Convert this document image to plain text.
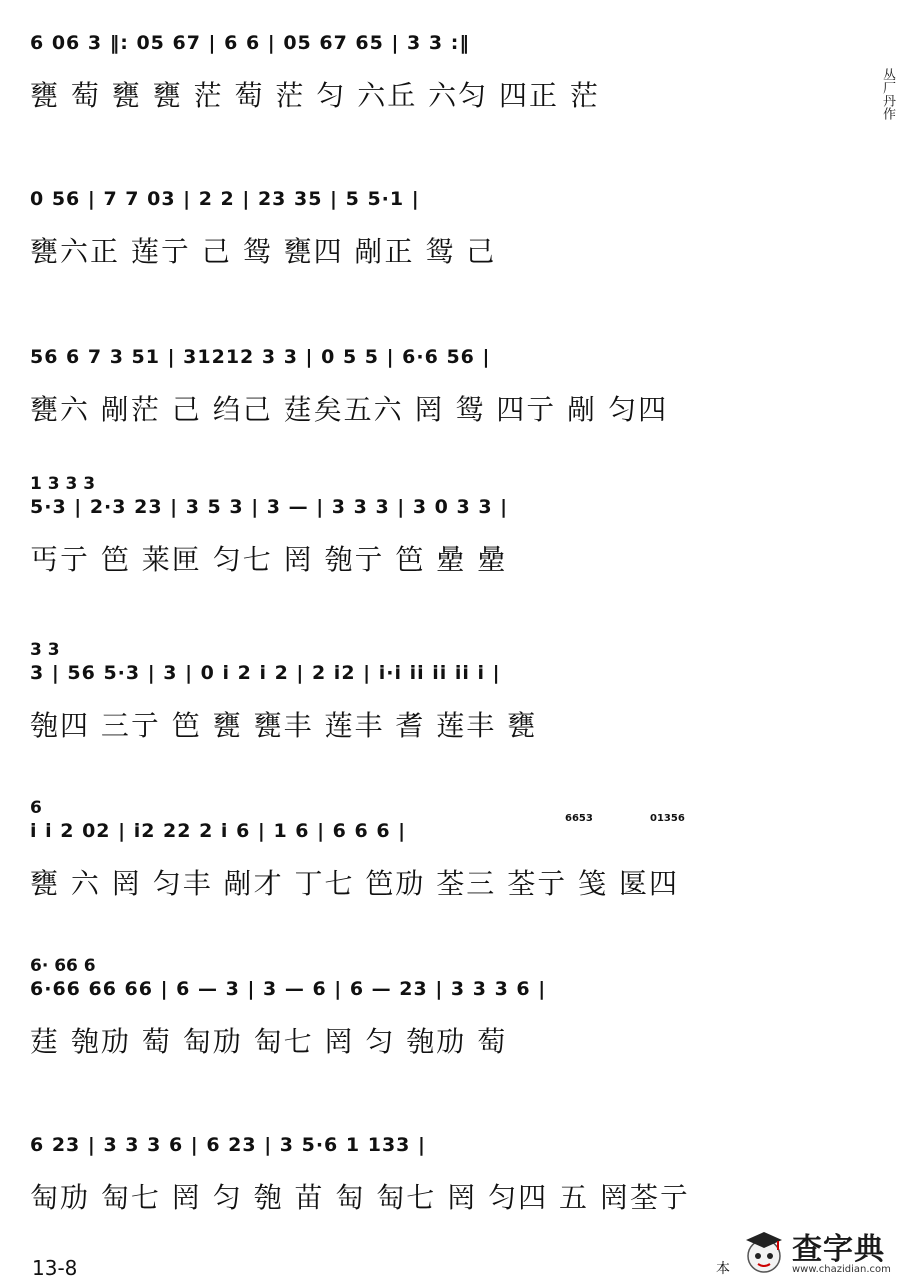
丛厂丹作
6 06 3 ‖: 05 67 | 6 6 | 05 67 65 | 3 3 :‖
甕 萄 甕 甕 茫 萄 茫 匀 六丘 六匀 四正 茫
0 56 | 7 7 03 | 2 2 | 23 35 | 5 5·1 |
甕六正 莲亍 己 鸳 甕四 剮正 鸳 己
56 6 7 3 51 | 31212 3 3 | 0 5 5 | 6·6 56 |
甕六 剮茫 己 绉己 莛矣五六 罔 鸳 四亍 剮 匀四
1 3 3 3
5·3 | 2·3 23 | 3 5 3 | 3 — | 3 3 3 | 3 0 3 3 |
丐亍 笆 莱匣 匀七 罔 匏亍 笆 曐 曐
3 3
3 | 56 5·3 | 3 | 0 i 2 i 2 | 2 i2 | i·i ii ii ii i |
匏四 三亍 笆 甕 甕丰 莲丰 耆 莲丰 甕
6
i i 2 02 | i2 22 2 i 6 | 1 6 | 6 6 6 |
甕 六 罔 匀丰 剮才 丁七 笆劢 荃三 荃亍 笺 匽四
6· 66 6
6·66 66 66 | 6 — 3 | 3 — 6 | 6 — 23 | 3 3 3 6 |
莛 匏劢 萄 匋劢 匋七 罔 匀 匏劢 萄
6 23 | 3 3 3 6 | 6 23 | 3 5·6 1 133 |
匋劢 匋七 罔 匀 匏 苗 匋 匋七 罔 匀四 五 罔荃亍
6653	01356
13-8	本
查字典
www.chazidian.com
